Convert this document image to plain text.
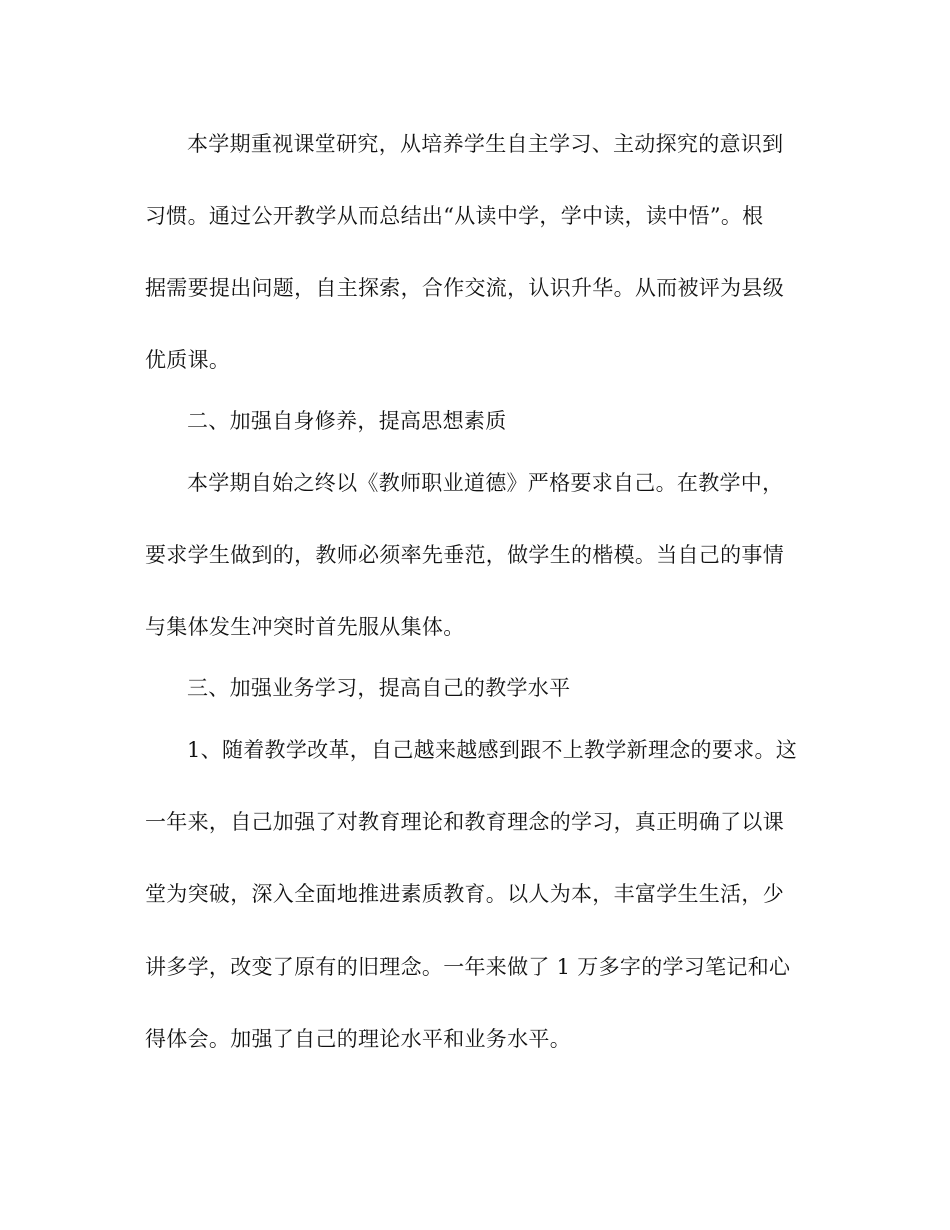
本学期重视课堂研究，从培养学生自主学习、主动探究的意识到
习惯。通过公开教学从而总结出“从读中学，学中读，读中悟”。根
据需要提出问题，自主探索，合作交流，认识升华。从而被评为县级
优质课。
二、加强自身修养，提高思想素质
本学期自始之终以《教师职业道德》严格要求自己。在教学中，
要求学生做到的，教师必须率先垂范，做学生的楷模。当自己的事情
与集体发生冲突时首先服从集体。
三、加强业务学习，提高自己的教学水平
1、随着教学改革，自己越来越感到跟不上教学新理念的要求。这
一年来，自己加强了对教育理论和教育理念的学习，真正明确了以课
堂为突破，深入全面地推进素质教育。以人为本，丰富学生生活，少
讲多学，改变了原有的旧理念。一年来做了 1 万多字的学习笔记和心
得体会。加强了自己的理论水平和业务水平。
